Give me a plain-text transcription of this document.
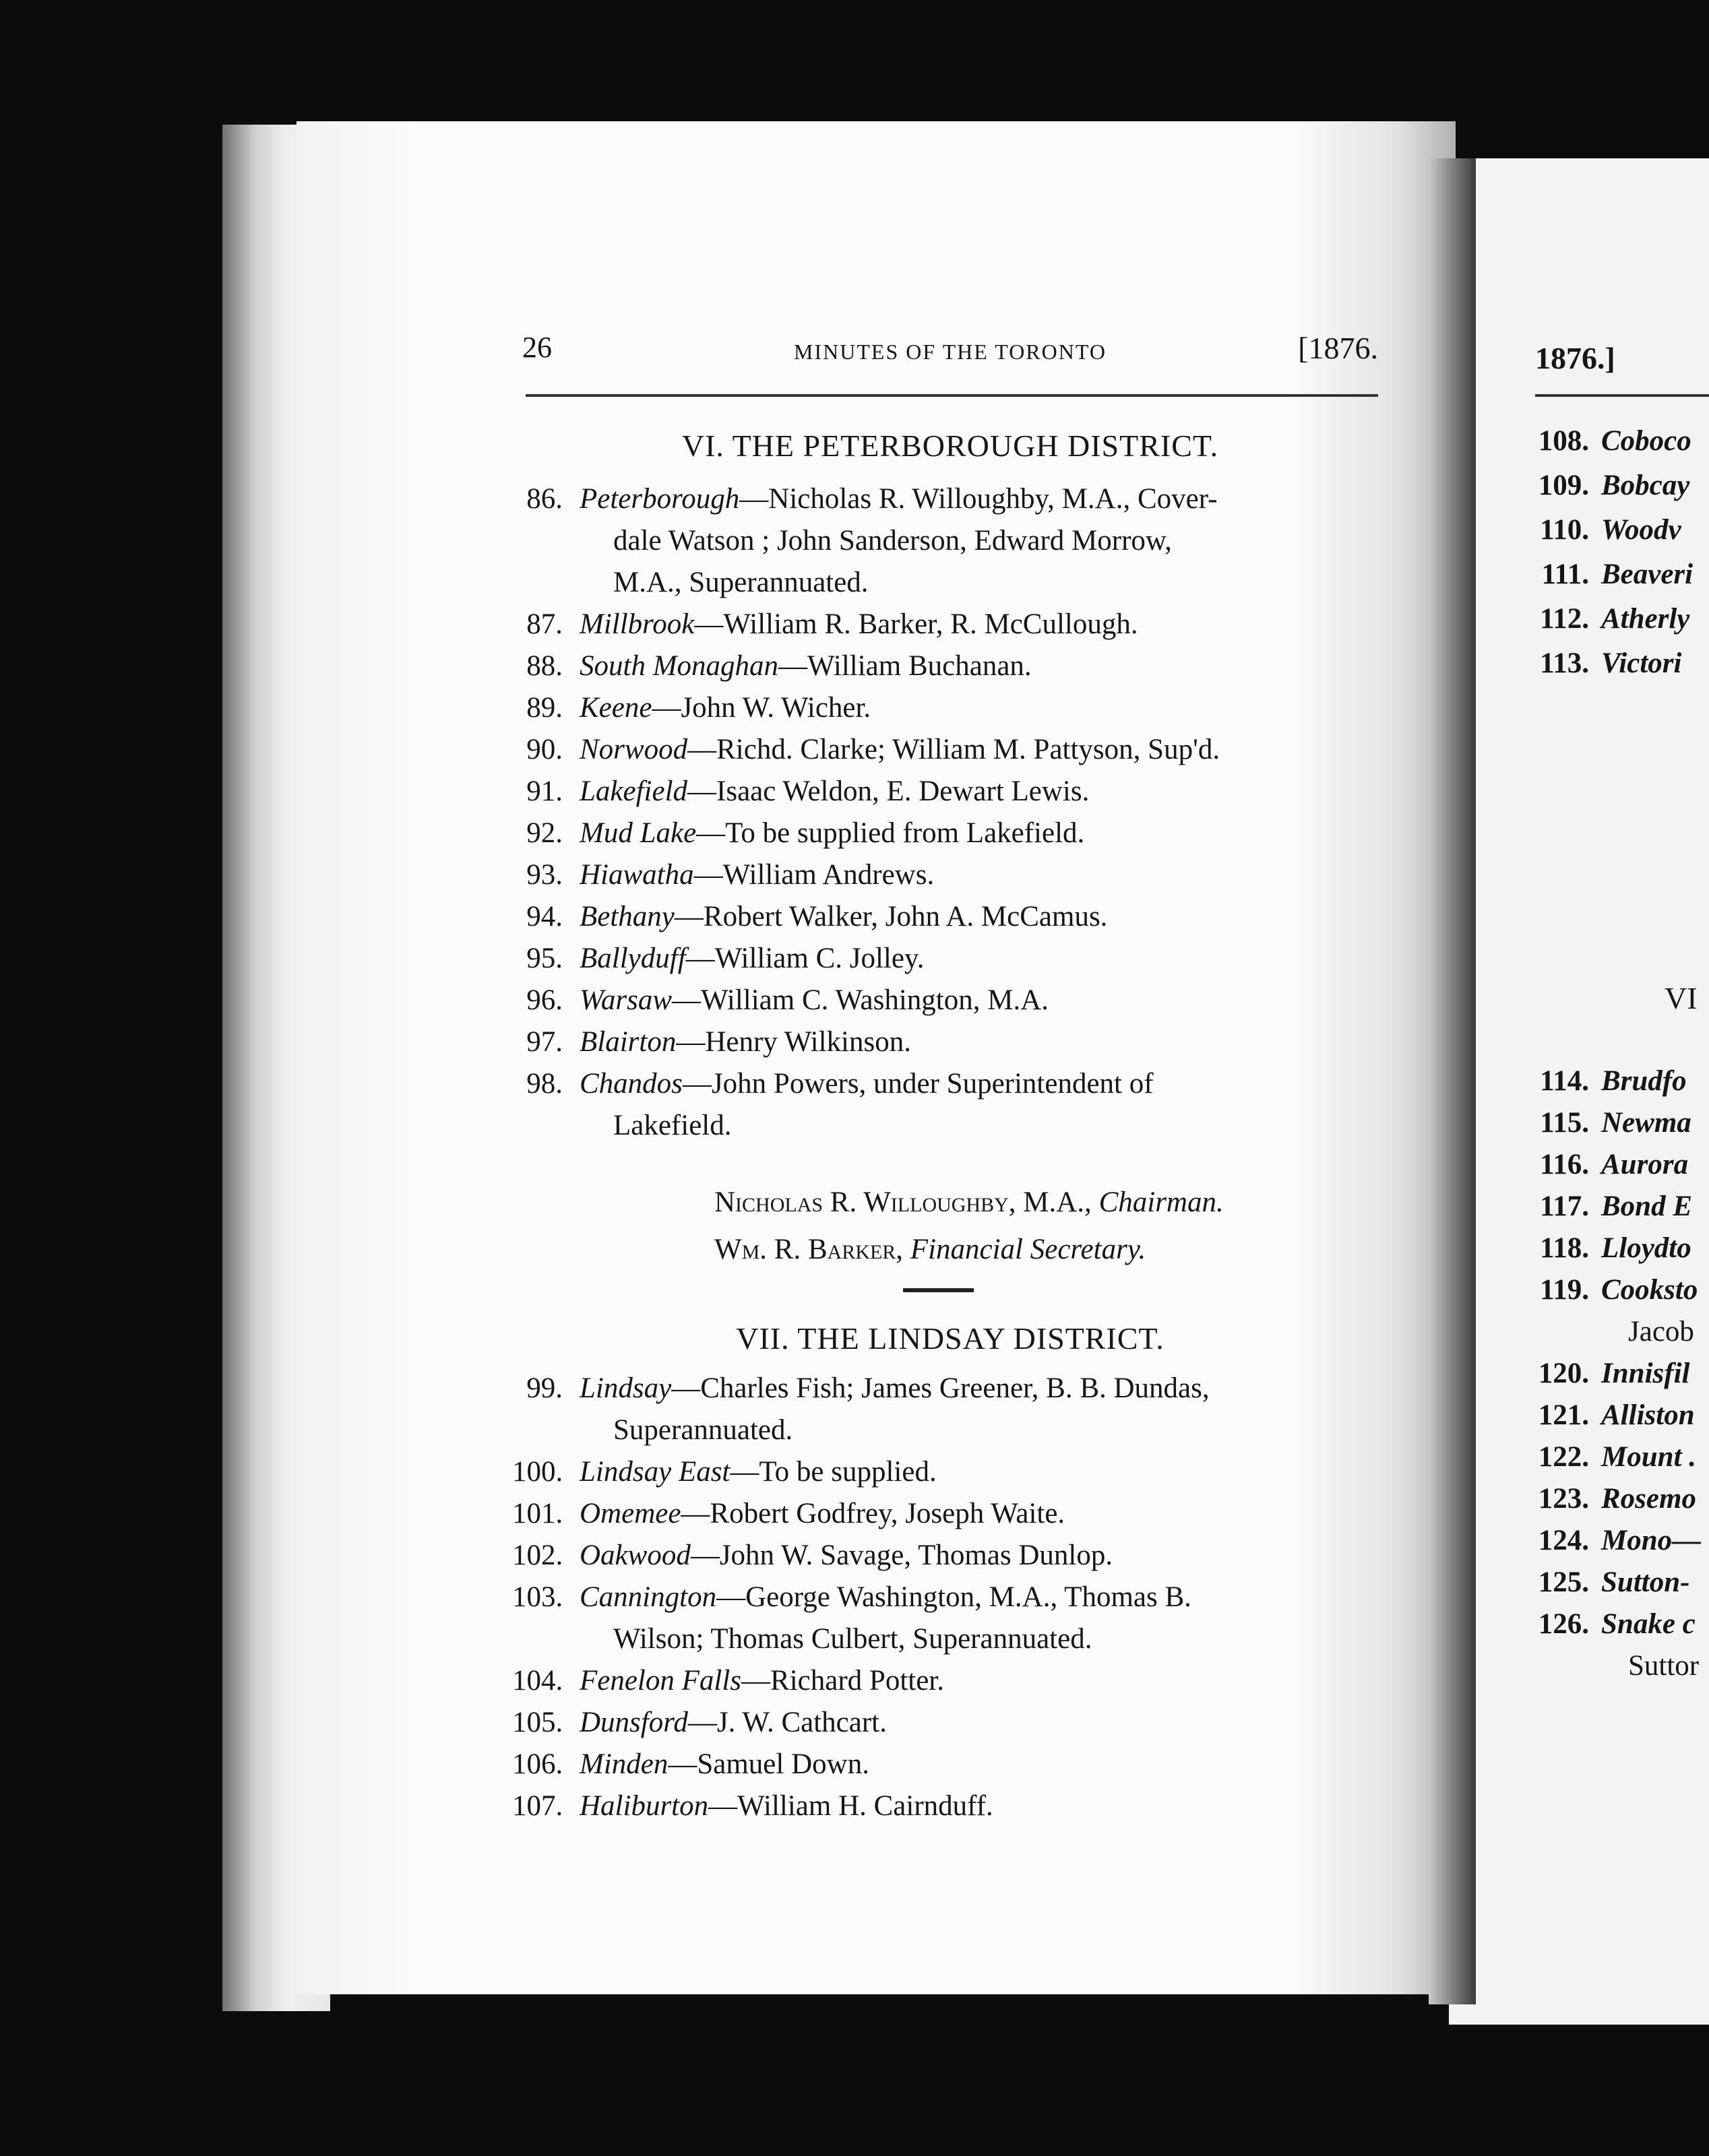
26	MINUTES OF THE TORONTO	[1876.
VI. THE PETERBOROUGH DISTRICT.
86. Peterborough—Nicholas R. Willoughby, M.A., Cover-
dale Watson ; John Sanderson, Edward Morrow,
M.A., Superannuated.
87. Millbrook—William R. Barker, R. McCullough.
88. South Monaghan—William Buchanan.
89. Keene—John W. Wicher.
90. Norwood—Richd. Clarke; William M. Pattyson, Sup'd.
91. Lakefield—Isaac Weldon, E. Dewart Lewis.
92. Mud Lake—To be supplied from Lakefield.
93. Hiawatha—William Andrews.
94. Bethany—Robert Walker, John A. McCamus.
95. Ballyduff—William C. Jolley.
96. Warsaw—William C. Washington, M.A.
97. Blairton—Henry Wilkinson.
98. Chandos—John Powers, under Superintendent of
Lakefield.
Nicholas R. Willoughby, M.A., Chairman.
Wm. R. Barker, Financial Secretary.
VII. THE LINDSAY DISTRICT.
99. Lindsay—Charles Fish; James Greener, B. B. Dundas,
Superannuated.
100. Lindsay East—To be supplied.
101. Omemee—Robert Godfrey, Joseph Waite.
102. Oakwood—John W. Savage, Thomas Dunlop.
103. Cannington—George Washington, M.A., Thomas B.
Wilson; Thomas Culbert, Superannuated.
104. Fenelon Falls—Richard Potter.
105. Dunsford—J. W. Cathcart.
106. Minden—Samuel Down.
107. Haliburton—William H. Cairnduff.
1876.]
108. Coboco
109. Bobcay
110. Woodv
111. Beaveri
112. Atherly
113. Victori
VI
114. Brudfo
115. Newma
116. Aurora
117. Bond E
118. Lloydto
119. Cooksto
Jacob
120. Innisfil
121. Alliston
122. Mount .
123. Rosemo
124. Mono—
125. Sutton-
126. Snake c
Suttor
